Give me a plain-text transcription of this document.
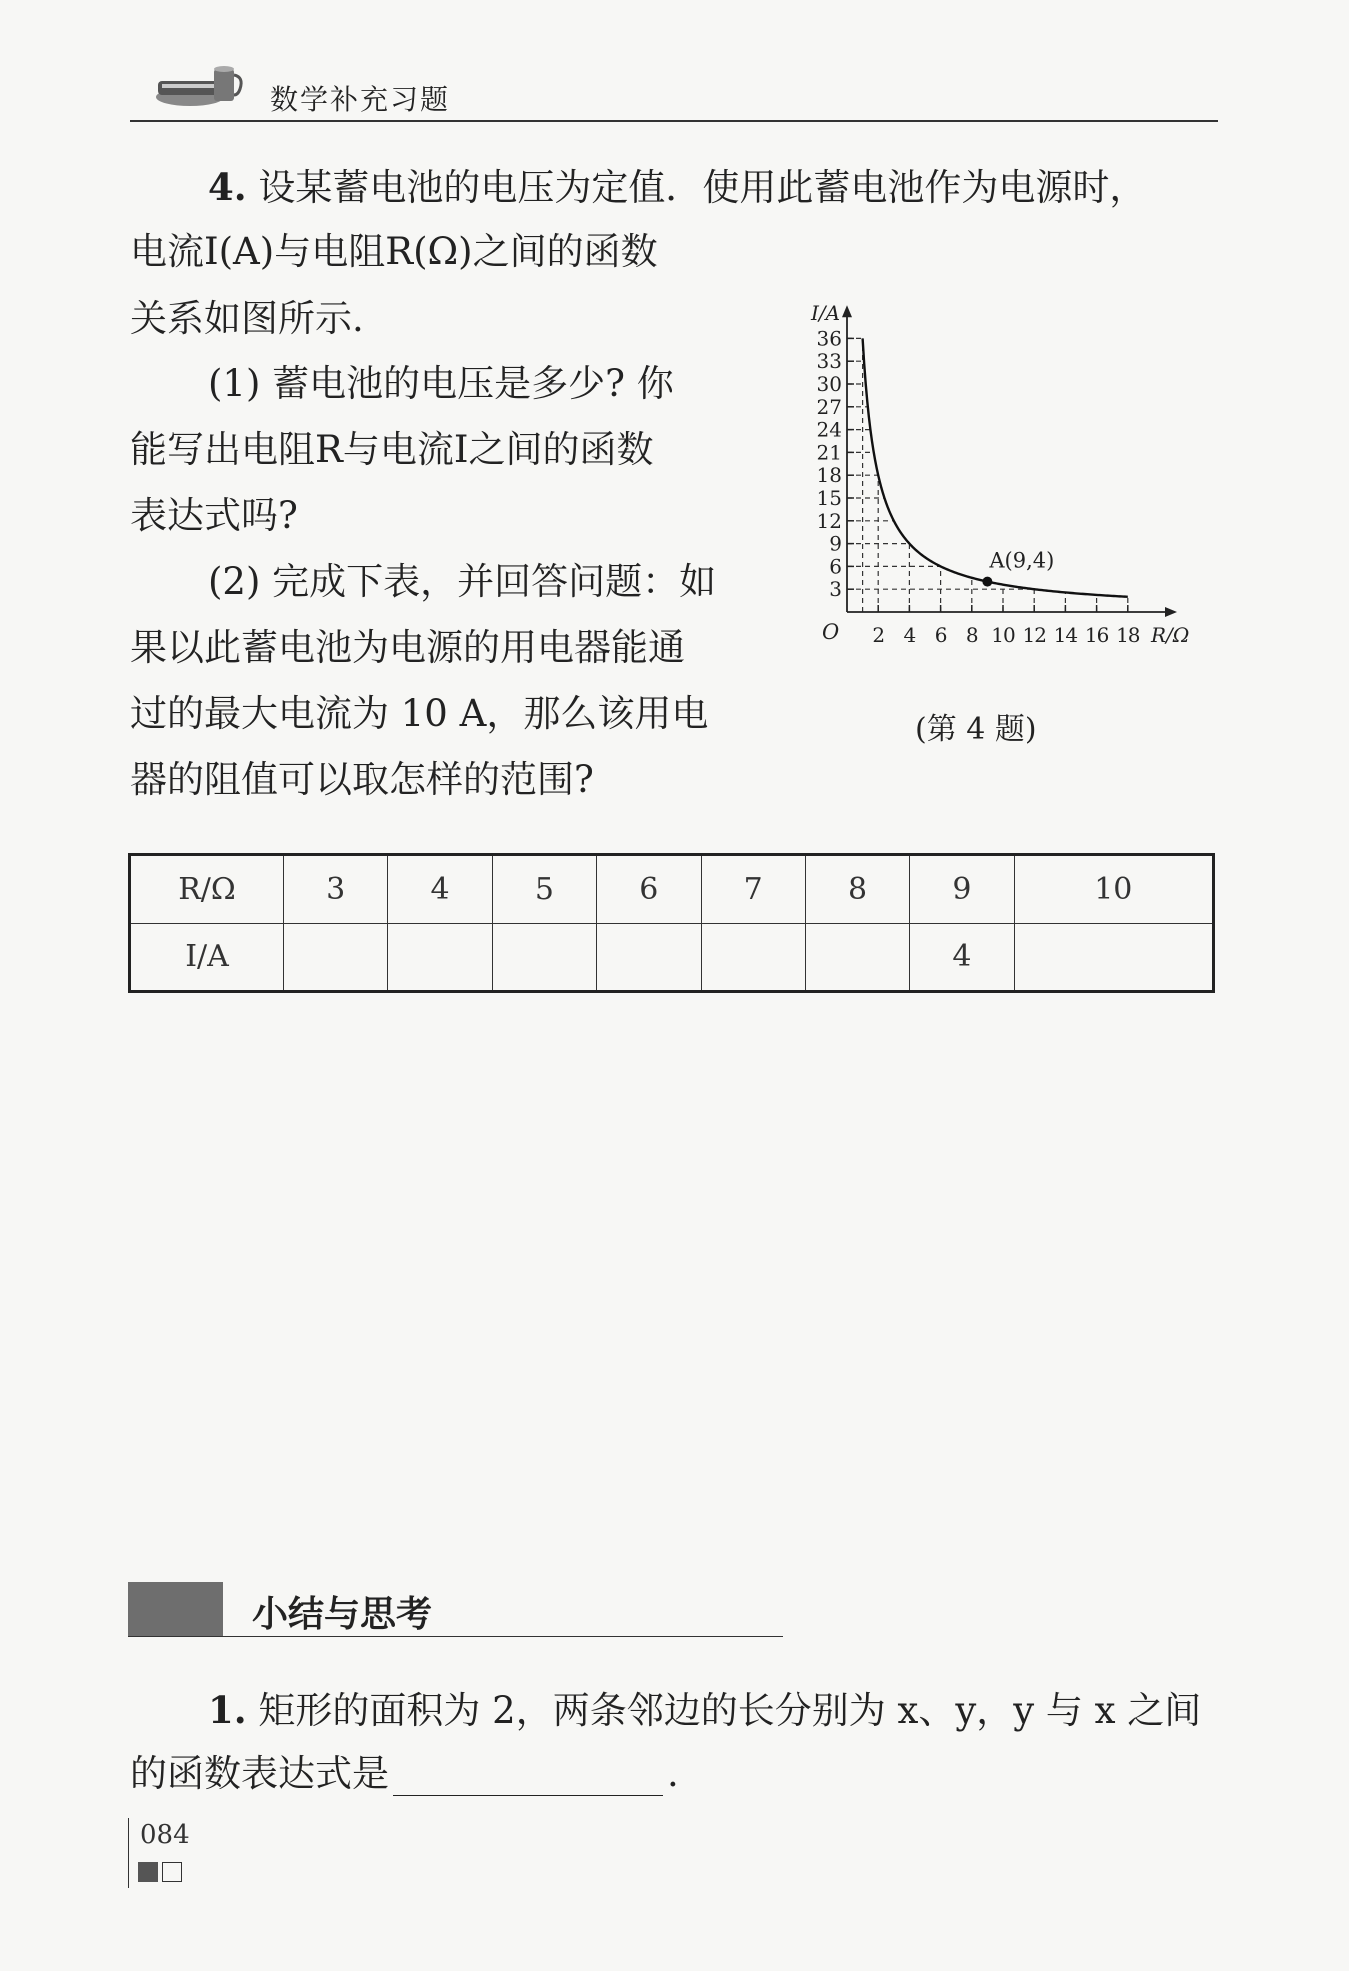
数学补充习题
4. 设某蓄电池的电压为定值．使用此蓄电池作为电源时，
电流I(A)与电阻R(Ω)之间的函数
关系如图所示.
(1) 蓄电池的电压是多少? 你
能写出电阻R与电流I之间的函数
表达式吗?
(2) 完成下表，并回答问题：如
果以此蓄电池为电源的用电器能通
过的最大电流为 10 A，那么该用电
器的阻值可以取怎样的范围?
3
6
9
12
15
18
21
24
27
30
33
36
2 4 6 8 10 12 14 16 18
O
I/A
R/Ω
A(9,4)
(第 4 题)
R/Ω	3	4	5	6	7	8	9	10
I/A							4	
小结与思考
1. 矩形的面积为 2，两条邻边的长分别为 x、y，y 与 x 之间
的函数表达式是	.
084
